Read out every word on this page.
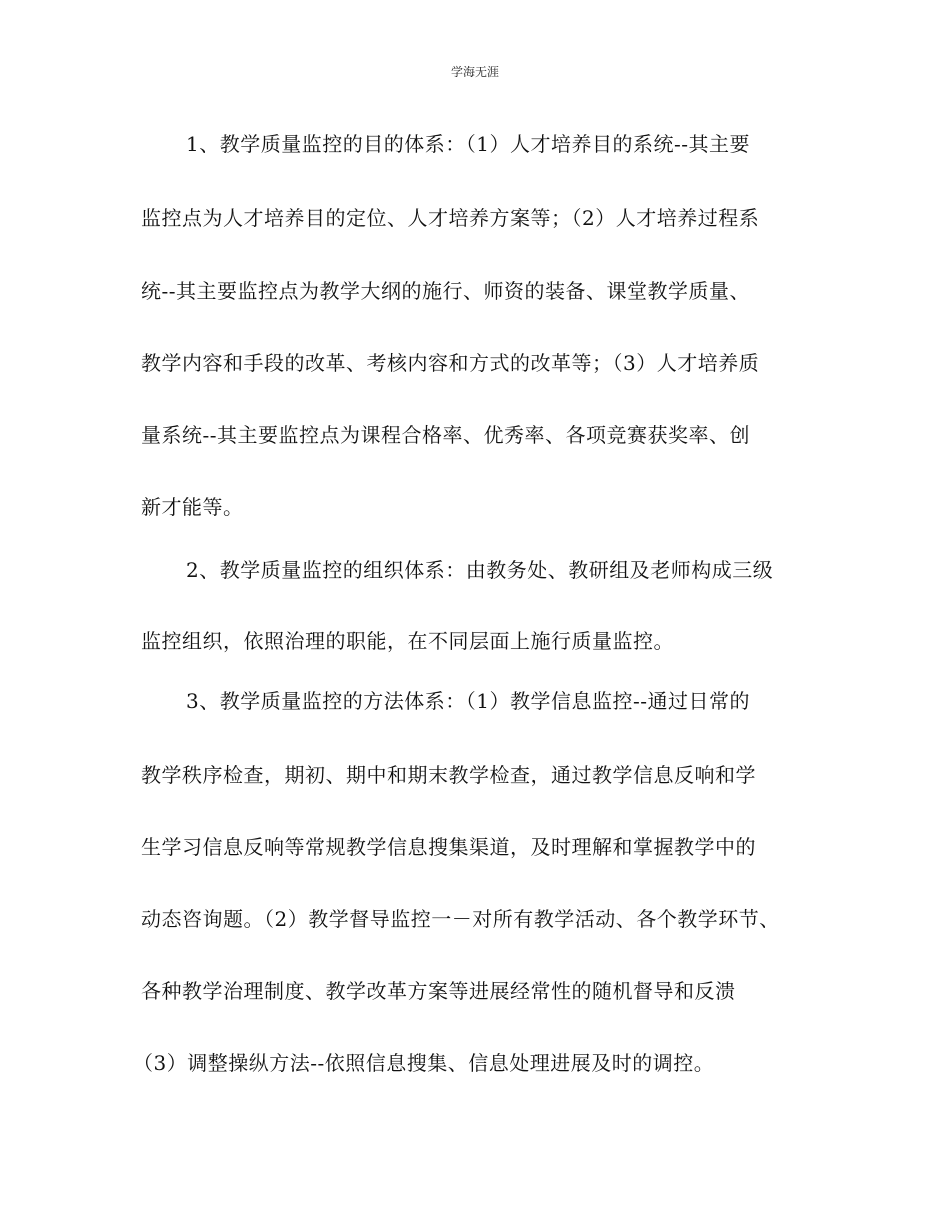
学海无涯
1、教学质量监控的目的体系：（1）人才培养目的系统--其主要
监控点为人才培养目的定位、人才培养方案等；（2）人才培养过程系
统--其主要监控点为教学大纲的施行、师资的装备、课堂教学质量、
教学内容和手段的改革、考核内容和方式的改革等；（3）人才培养质
量系统--其主要监控点为课程合格率、优秀率、各项竞赛获奖率、创
新才能等。
2、教学质量监控的组织体系：由教务处、教研组及老师构成三级
监控组织，依照治理的职能，在不同层面上施行质量监控。
3、教学质量监控的方法体系：（1）教学信息监控--通过日常的
教学秩序检查，期初、期中和期末教学检查，通过教学信息反响和学
生学习信息反响等常规教学信息搜集渠道，及时理解和掌握教学中的
动态咨询题。（2）教学督导监控一－对所有教学活动、各个教学环节、
各种教学治理制度、教学改革方案等进展经常性的随机督导和反溃
（3）调整操纵方法--依照信息搜集、信息处理进展及时的调控。
